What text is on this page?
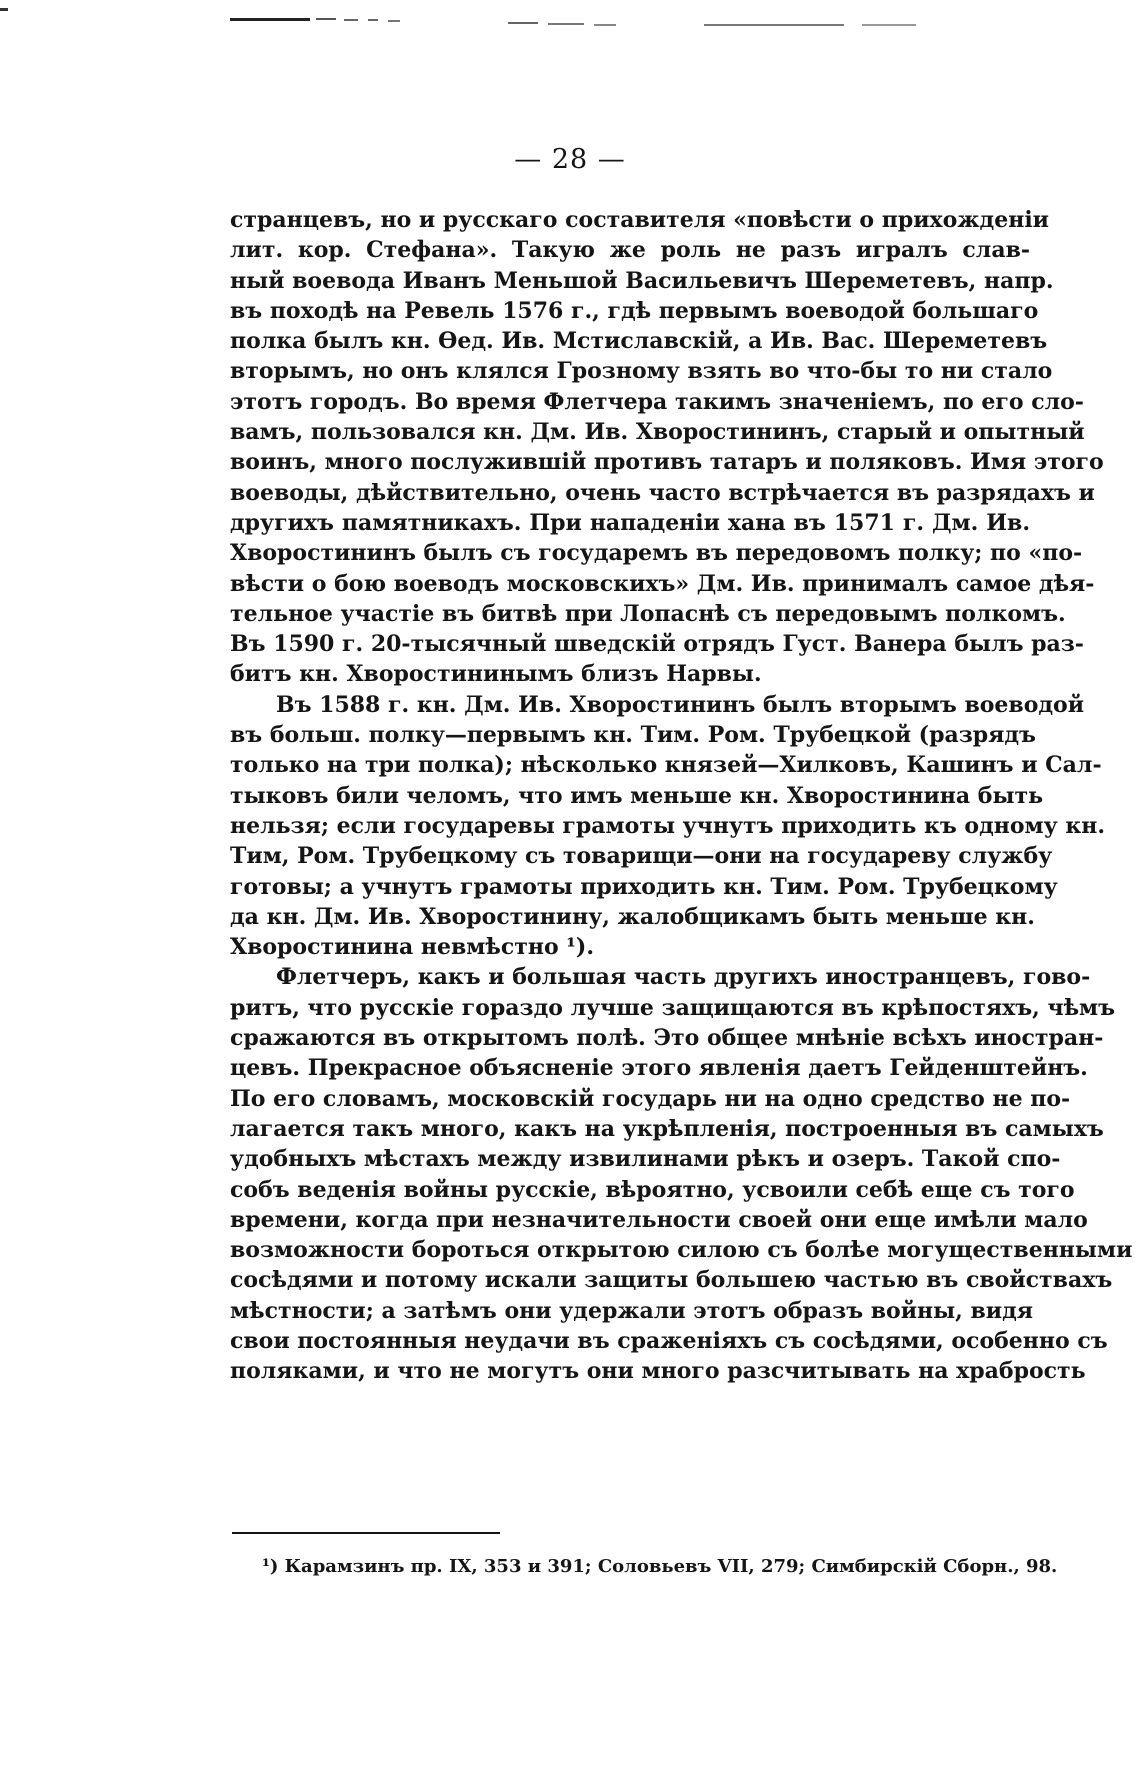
— 28 —
странцевъ, но и русскаго составителя «повѣсти о прихожденіи
лит. кор. Стефана». Такую же роль не разъ игралъ слав-
ный воевода Иванъ Меньшой Васильевичъ Шереметевъ, напр.
въ походѣ на Ревель 1576 г., гдѣ первымъ воеводой большаго
полка былъ кн. Ѳед. Ив. Мстиславскій, а Ив. Вас. Шереметевъ
вторымъ, но онъ клялся Грозному взять во что-бы то ни стало
этотъ городъ. Во время Флетчера такимъ значеніемъ, по его сло-
вамъ, пользовался кн. Дм. Ив. Хворостининъ, старый и опытный
воинъ, много послужившій противъ татаръ и поляковъ. Имя этого
воеводы, дѣйствительно, очень часто встрѣчается въ разрядахъ и
другихъ памятникахъ. При нападеніи хана въ 1571 г. Дм. Ив.
Хворостининъ былъ съ государемъ въ передовомъ полку; по «по-
вѣсти о бою воеводъ московскихъ» Дм. Ив. принималъ самое дѣя-
тельное участіе въ битвѣ при Лопаснѣ съ передовымъ полкомъ.
Въ 1590 г. 20-тысячный шведскій отрядъ Густ. Ванера былъ раз-
битъ кн. Хворостининымъ близъ Нарвы.
Въ 1588 г. кн. Дм. Ив. Хворостининъ былъ вторымъ воеводой
въ больш. полку—первымъ кн. Тим. Ром. Трубецкой (разрядъ
только на три полка); нѣсколько князей—Хилковъ, Кашинъ и Сал-
тыковъ били челомъ, что имъ меньше кн. Хворостинина быть
нельзя; если государевы грамоты учнутъ приходить къ одному кн.
Тим, Ром. Трубецкому съ товарищи—они на государеву службу
готовы; а учнутъ грамоты приходить кн. Тим. Ром. Трубецкому
да кн. Дм. Ив. Хворостинину, жалобщикамъ быть меньше кн.
Хворостинина невмѣстно ¹).
Флетчеръ, какъ и большая часть другихъ иностранцевъ, гово-
ритъ, что русскіе гораздо лучше защищаются въ крѣпостяхъ, чѣмъ
сражаются въ открытомъ полѣ. Это общее мнѣніе всѣхъ иностран-
цевъ. Прекрасное объясненіе этого явленія даетъ Гейденштейнъ.
По его словамъ, московскій государь ни на одно средство не по-
лагается такъ много, какъ на укрѣпленія, построенныя въ самыхъ
удобныхъ мѣстахъ между извилинами рѣкъ и озеръ. Такой спо-
собъ веденія войны русскіе, вѣроятно, усвоили себѣ еще съ того
времени, когда при незначительности своей они еще имѣли мало
возможности бороться открытою силою съ болѣе могущественными
сосѣдями и потому искали защиты большею частью въ свойствахъ
мѣстности; а затѣмъ они удержали этотъ образъ войны, видя
свои постоянныя неудачи въ сраженіяхъ съ сосѣдями, особенно съ
поляками, и что не могутъ они много разсчитывать на храбрость
¹) Карамзинъ пр. IX, 353 и 391; Соловьевъ VII, 279; Симбирскій Сборн., 98.
